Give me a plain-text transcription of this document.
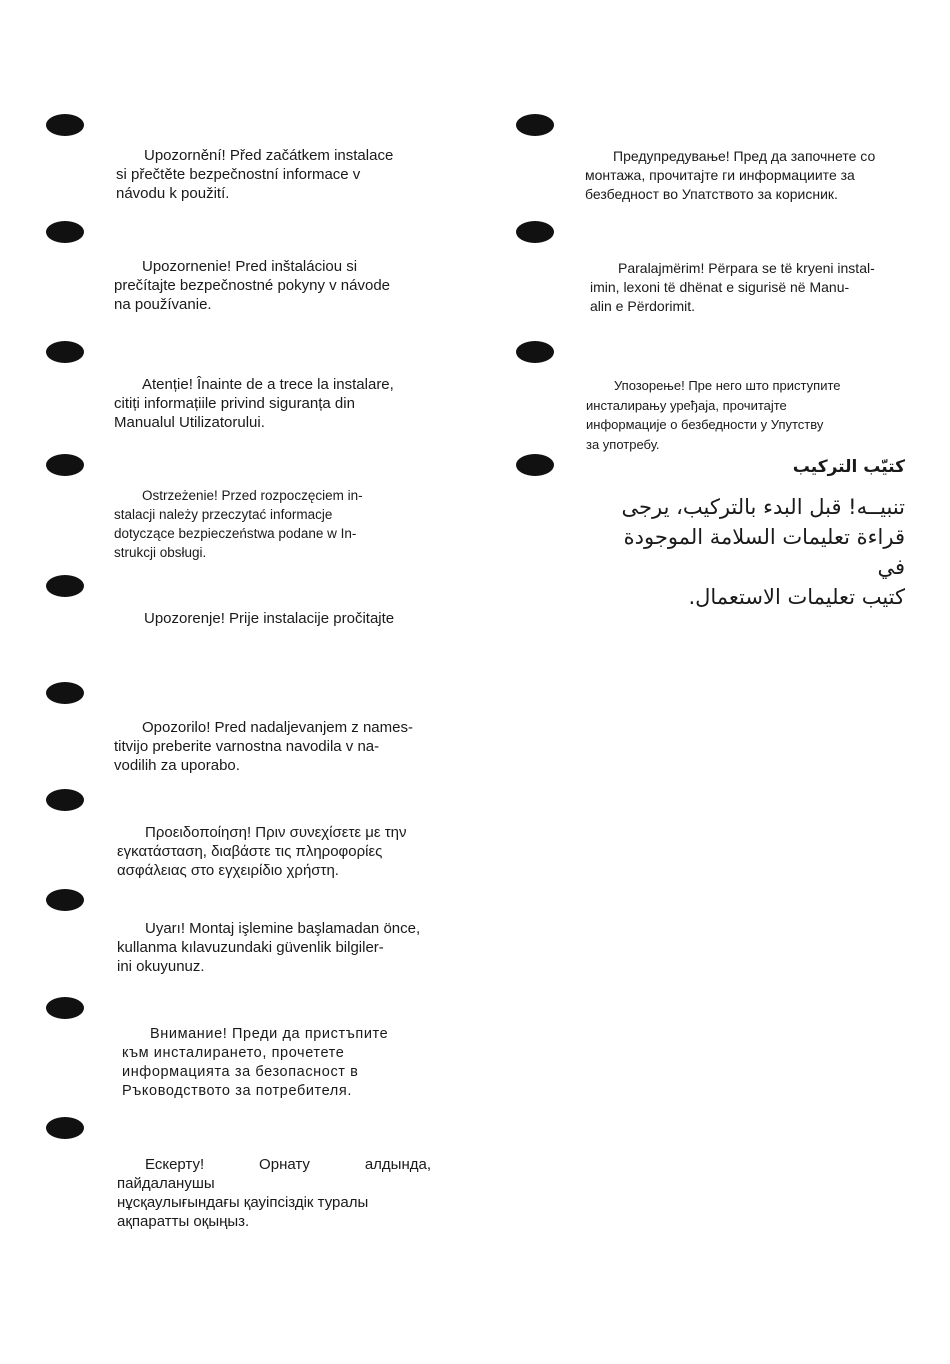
Upozornění! Před začátkem instalace
si přečtěte bezpečnostní informace v
návodu k použití.
Upozornenie! Pred inštaláciou si
prečítajte bezpečnostné pokyny v návode
na používanie.
Atenție! Înainte de a trece la instalare,
citiți informațiile privind siguranța din
Manualul Utilizatorului.
Ostrzeżenie! Przed rozpoczęciem in-
stalacji należy przeczytać informacje
dotyczące bezpieczeństwa podane w In-
strukcji obsługi.
Upozorenje! Prije instalacije pročitajte
Opozorilo! Pred nadaljevanjem z names-
titvijo preberite varnostna navodila v na-
vodilih za uporabo.
Προειδοποίηση! Πριν συνεχίσετε με την
εγκατάσταση, διαβάστε τις πληροφορίες
ασφάλειας στο εγχειρίδιο χρήστη.
Uyarı! Montaj işlemine başlamadan önce,
kullanma kılavuzundaki güvenlik bilgiler-
ini okuyunuz.
Внимание! Преди да пристъпите
към инсталирането, прочетете
информацията за безопасност в
Ръководството за потребителя.
Ескерту! Орнату алдында, пайдаланушы
нұсқаулығындағы қауіпсіздік туралы
ақпаратты оқыңыз.
Предупредување! Пред да започнете со
монтажа, прочитајте ги информациите за
безбедност во Упатството за корисник.
Paralajmërim! Përpara se të kryeni instal-
imin, lexoni të dhënat e sigurisë në Manu-
alin e Përdorimit.
Упозорење! Пре него што приступите
инсталирању уређаја, прочитајте
информације о безбедности у Упутству
за употребу.
كتيّب التركيب
تنبيــه! قبل البدء بالتركيب، يرجى
قراءة تعليمات السلامة الموجودة في
كتيب تعليمات الاستعمال.
